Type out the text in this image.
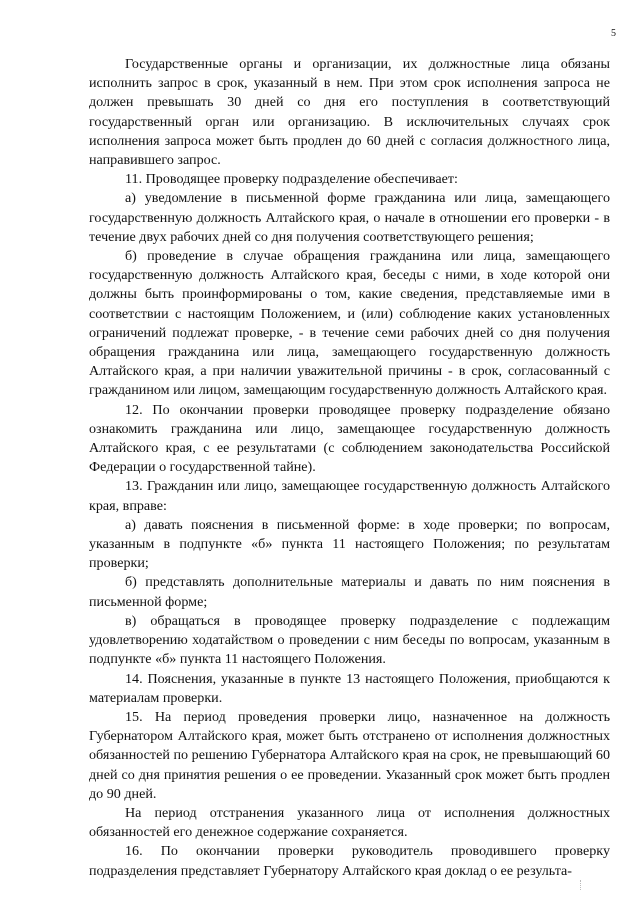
5

Государственные органы и организации, их должностные лица обязаны исполнить запрос в срок, указанный в нем. При этом срок исполнения запроса не должен превышать 30 дней со дня его поступления в соответствующий государственный орган или организацию. В исключительных случаях срок исполнения запроса может быть продлен до 60 дней с согласия должностного лица, направившего запрос.

11. Проводящее проверку подразделение обеспечивает:

а) уведомление в письменной форме гражданина или лица, замещающего государственную должность Алтайского края, о начале в отношении его проверки - в течение двух рабочих дней со дня получения соответствующего решения;

б) проведение в случае обращения гражданина или лица, замещающего государственную должность Алтайского края, беседы с ними, в ходе которой они должны быть проинформированы о том, какие сведения, представляемые ими в соответствии с настоящим Положением, и (или) соблюдение каких установленных ограничений подлежат проверке, - в течение семи рабочих дней со дня получения обращения гражданина или лица, замещающего государственную должность Алтайского края, а при наличии уважительной причины - в срок, согласованный с гражданином или лицом, замещающим государственную должность Алтайского края.

12. По окончании проверки проводящее проверку подразделение обязано ознакомить гражданина или лицо, замещающее государственную должность Алтайского края, с ее результатами (с соблюдением законодательства Российской Федерации о государственной тайне).

13. Гражданин или лицо, замещающее государственную должность Алтайского края, вправе:

а) давать пояснения в письменной форме: в ходе проверки; по вопросам, указанным в подпункте «б» пункта 11 настоящего Положения; по результатам проверки;

б) представлять дополнительные материалы и давать по ним пояснения в письменной форме;

в) обращаться в проводящее проверку подразделение с подлежащим удовлетворению ходатайством о проведении с ним беседы по вопросам, указанным в подпункте «б» пункта 11 настоящего Положения.

14. Пояснения, указанные в пункте 13 настоящего Положения, приобщаются к материалам проверки.

15. На период проведения проверки лицо, назначенное на должность Губернатором Алтайского края, может быть отстранено от исполнения должностных обязанностей по решению Губернатора Алтайского края на срок, не превышающий 60 дней со дня принятия решения о ее проведении. Указанный срок может быть продлен до 90 дней.

На период отстранения указанного лица от исполнения должностных обязанностей его денежное содержание сохраняется.

16. По окончании проверки руководитель проводившего проверку подразделения представляет Губернатору Алтайского края доклад о ее результа-
